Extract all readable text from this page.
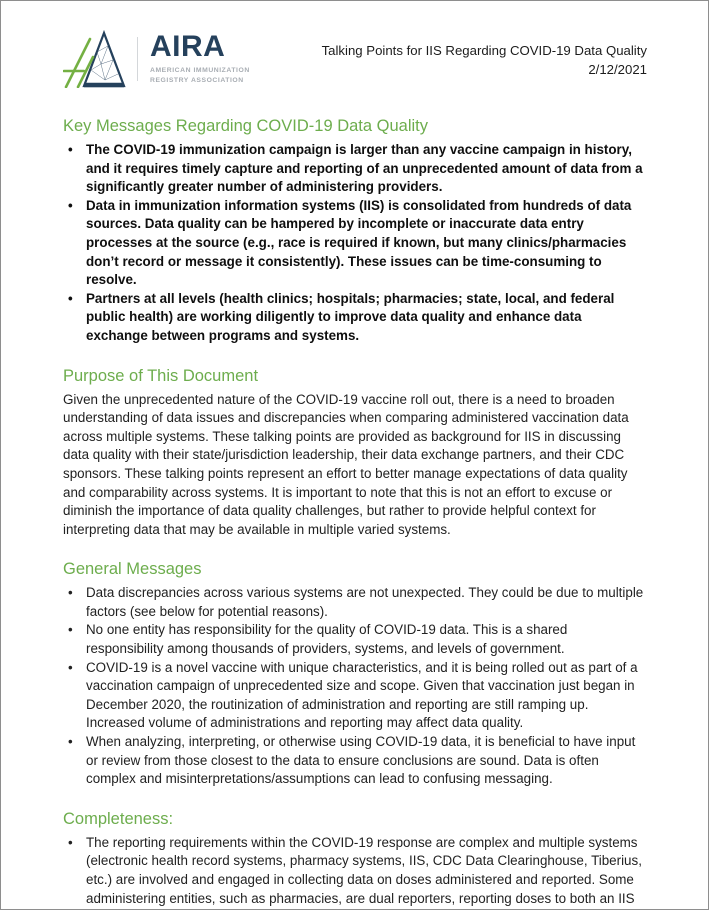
AIRA
AMERICAN IMMUNIZATION
REGISTRY ASSOCIATION
Talking Points for IIS Regarding COVID-19 Data Quality
2/12/2021
Key Messages Regarding COVID-19 Data Quality
• The COVID-19 immunization campaign is larger than any vaccine campaign in history, and it requires timely capture and reporting of an unprecedented amount of data from a significantly greater number of administering providers.
• Data in immunization information systems (IIS) is consolidated from hundreds of data sources. Data quality can be hampered by incomplete or inaccurate data entry processes at the source (e.g., race is required if known, but many clinics/pharmacies don’t record or message it consistently). These issues can be time-consuming to resolve.
• Partners at all levels (health clinics; hospitals; pharmacies; state, local, and federal public health) are working diligently to improve data quality and enhance data exchange between programs and systems.
Purpose of This Document

Given the unprecedented nature of the COVID-19 vaccine roll out, there is a need to broaden understanding of data issues and discrepancies when comparing administered vaccination data across multiple systems. These talking points are provided as background for IIS in discussing data quality with their state/jurisdiction leadership, their data exchange partners, and their CDC sponsors. These talking points represent an effort to better manage expectations of data quality and comparability across systems. It is important to note that this is not an effort to excuse or diminish the importance of data quality challenges, but rather to provide helpful context for interpreting data that may be available in multiple varied systems.

General Messages
• Data discrepancies across various systems are not unexpected. They could be due to multiple factors (see below for potential reasons).
• No one entity has responsibility for the quality of COVID-19 data. This is a shared responsibility among thousands of providers, systems, and levels of government.
• COVID-19 is a novel vaccine with unique characteristics, and it is being rolled out as part of a vaccination campaign of unprecedented size and scope. Given that vaccination just began in December 2020, the routinization of administration and reporting are still ramping up. Increased volume of administrations and reporting may affect data quality.
• When analyzing, interpreting, or otherwise using COVID-19 data, it is beneficial to have input or review from those closest to the data to ensure conclusions are sound. Data is often complex and misinterpretations/assumptions can lead to confusing messaging.
Completeness:
• The reporting requirements within the COVID-19 response are complex and multiple systems (electronic health record systems, pharmacy systems, IIS, CDC Data Clearinghouse, Tiberius, etc.) are involved and engaged in collecting data on doses administered and reported. Some administering entities, such as pharmacies, are dual reporters, reporting doses to both an IIS
